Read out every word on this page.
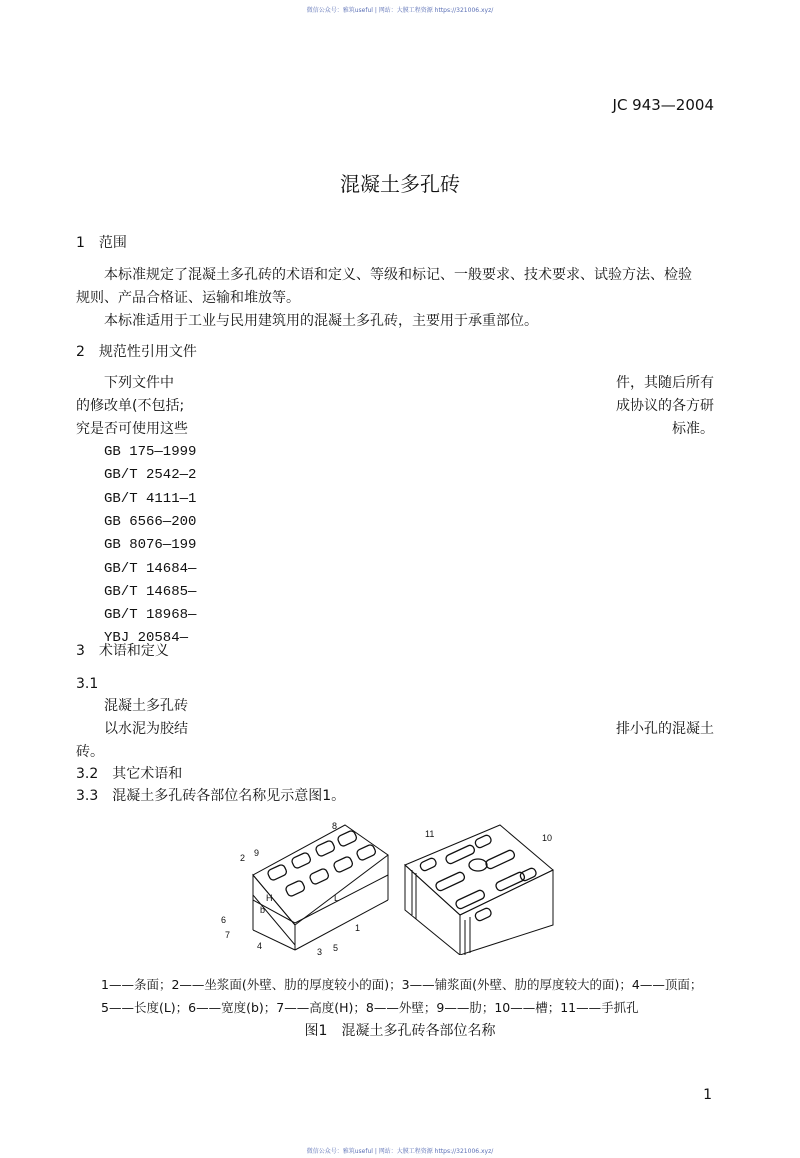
微信公众号：雅筑useful | 网站：大膜工程资源 https://321006.xyz/
JC 943—2004
混凝土多孔砖
1　范围
本标准规定了混凝土多孔砖的术语和定义、等级和标记、一般要求、技术要求、试验方法、检验
规则、产品合格证、运输和堆放等。
本标准适用于工业与民用建筑用的混凝土多孔砖，主要用于承重部位。
2　规范性引用文件
下列文件中	件，其随后所有
的修改单(不包括;	成协议的各方研
究是否可使用这些	标准。
GB 175—1999
GB/T 2542—2
GB/T 4111—1
GB 6566—200
GB 8076—199
GB/T 14684—
GB/T 14685—
GB/T 18968—
YBJ 20584—
3　术语和定义
3.1
混凝土多孔砖
以水泥为胶结	排小孔的混凝土
砖。
3.2　其它术语和
3.3　混凝土多孔砖各部位名称见示意图1。
8
9
2
6
7
4
3 5
1
L
H
b
10
11
1——条面；2——坐浆面(外壁、肋的厚度较小的面)；3——铺浆面(外壁、肋的厚度较大的面)；4——顶面；
5——长度(L)；6——宽度(b)；7——高度(H)；8——外壁；9——肋；10——槽；11——手抓孔
图1　混凝土多孔砖各部位名称
1
微信公众号：雅筑useful | 网站：大膜工程资源 https://321006.xyz/
